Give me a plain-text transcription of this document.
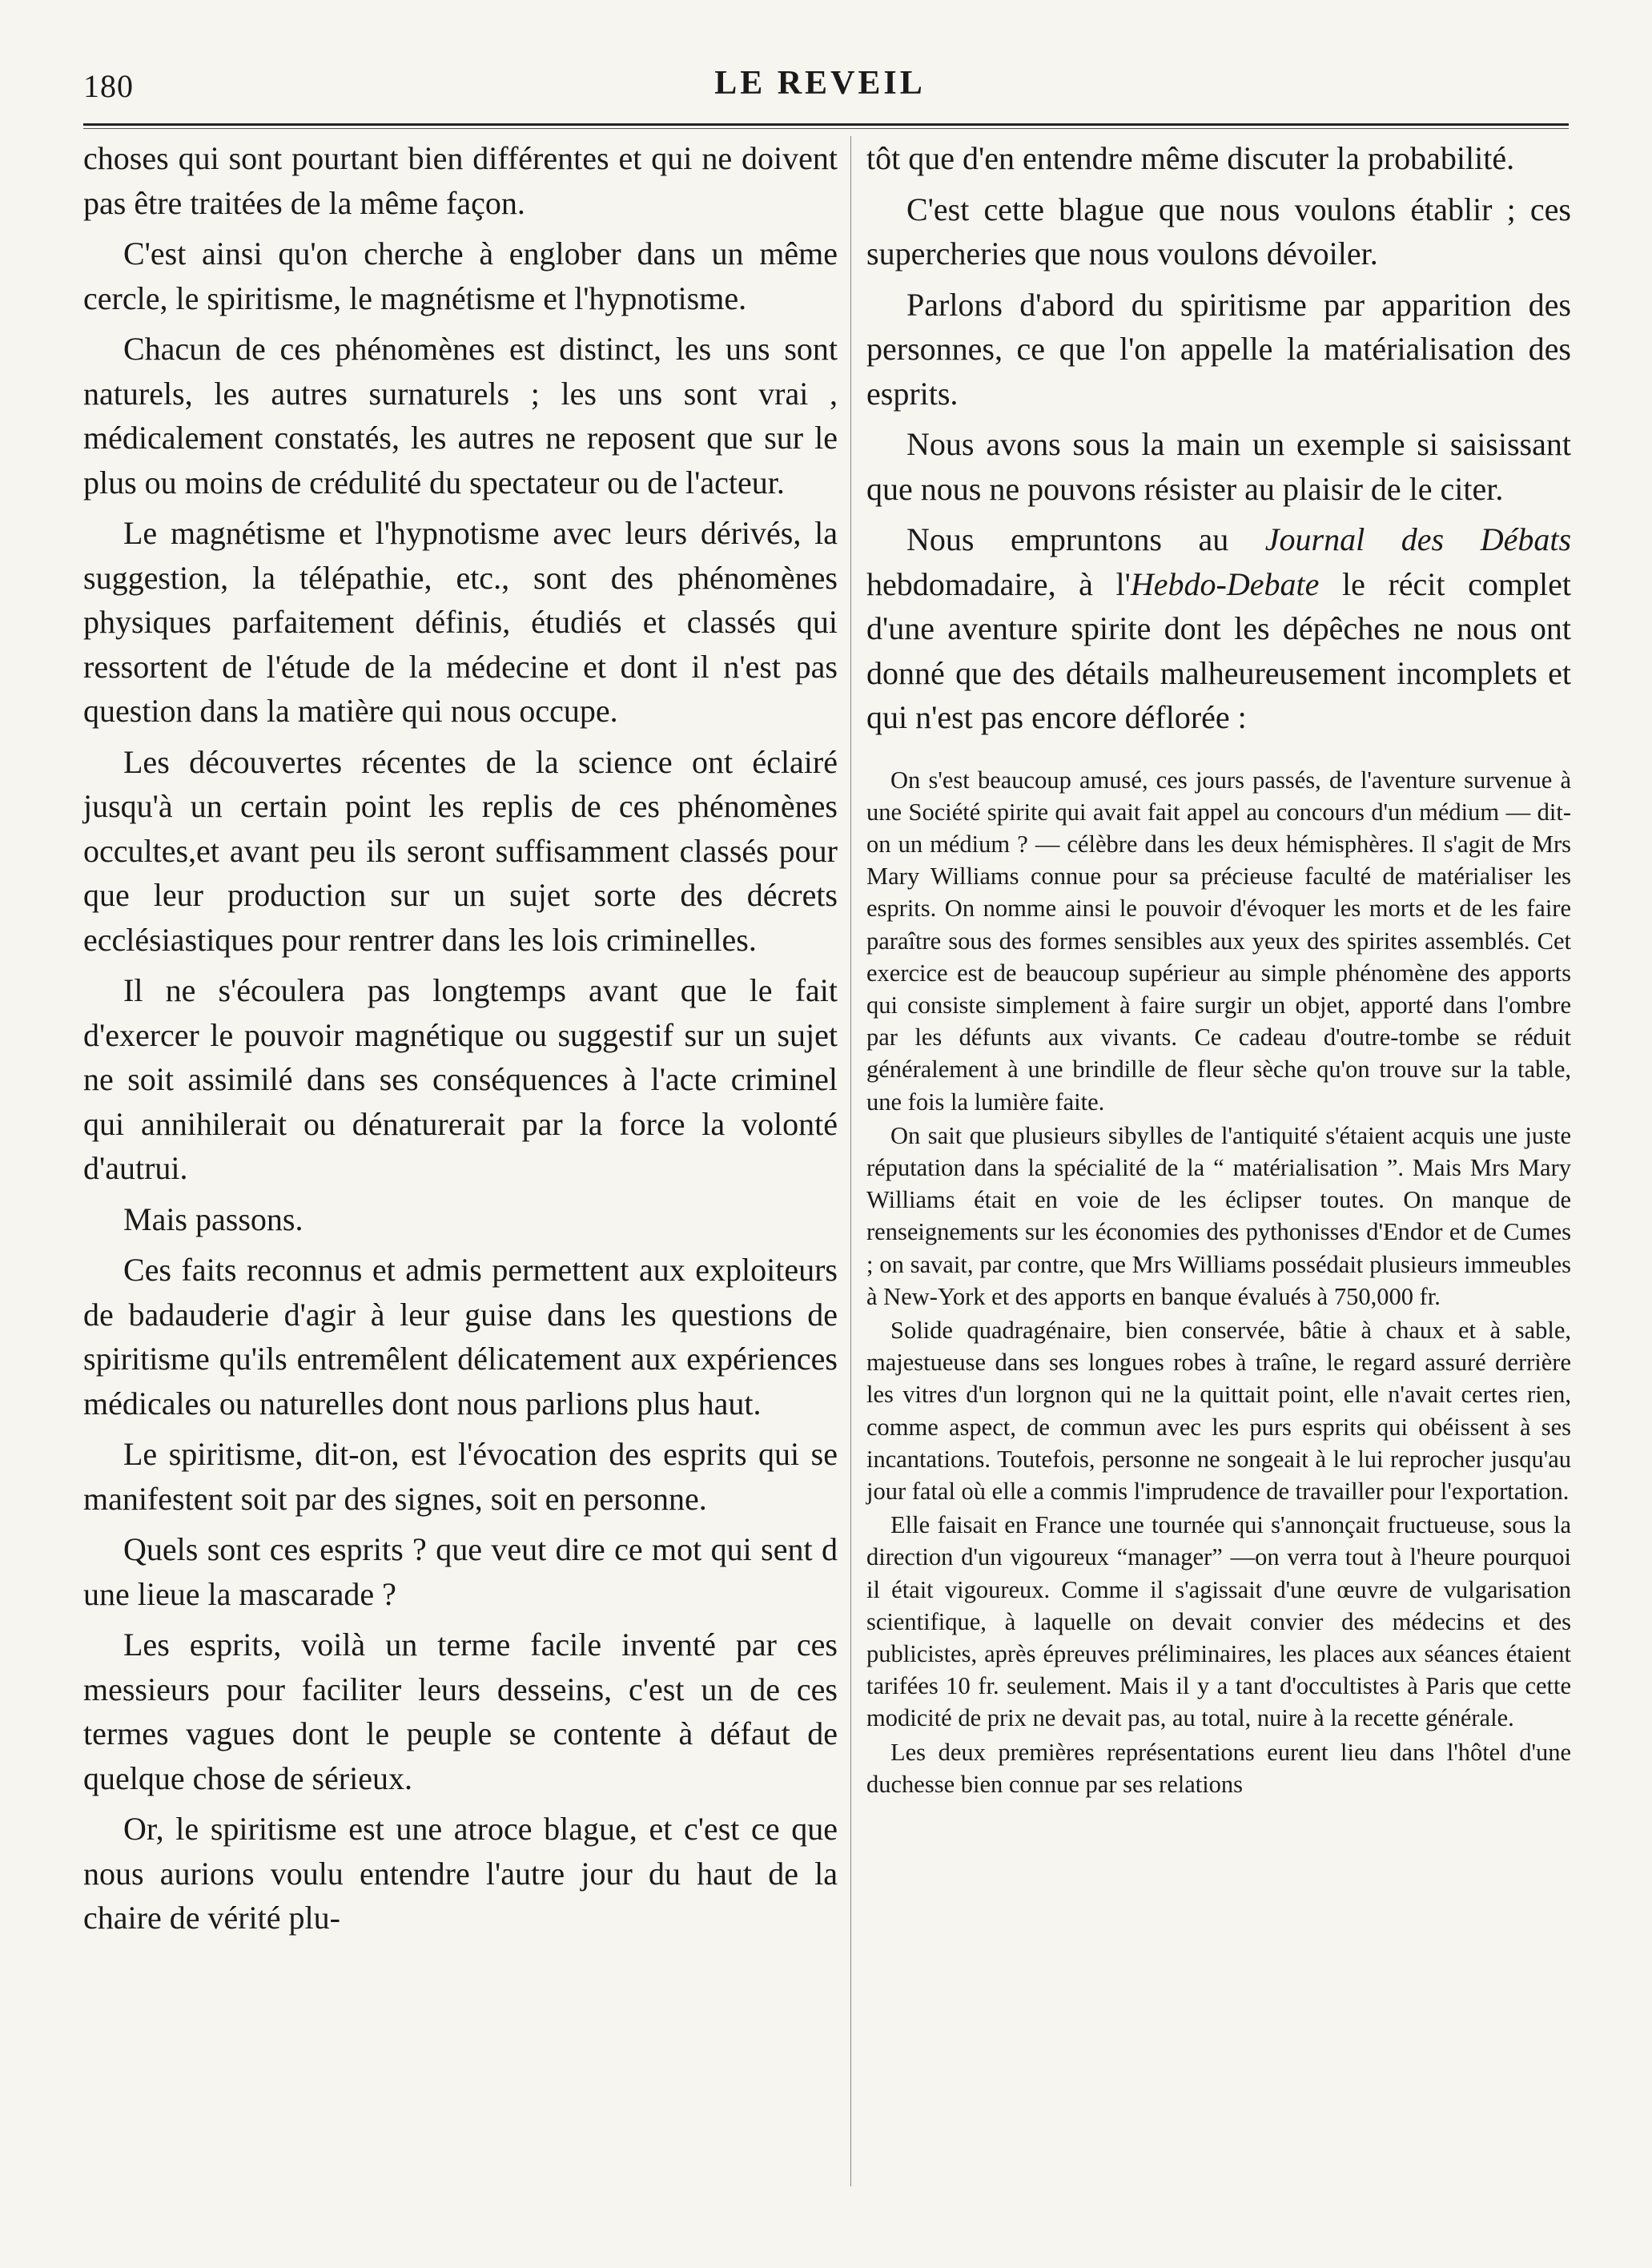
180	LE REVEIL

choses qui sont pourtant bien différentes et qui ne doivent pas être traitées de la même façon.

C'est ainsi qu'on cherche à englober dans un même cercle, le spiritisme, le magnétisme et l'hypnotisme.

Chacun de ces phénomènes est distinct, les uns sont naturels, les autres surnaturels ; les uns sont vrai , médicalement constatés, les autres ne reposent que sur le plus ou moins de crédulité du spectateur ou de l'acteur.

Le magnétisme et l'hypnotisme avec leurs dérivés, la suggestion, la télépathie, etc., sont des phénomènes physiques parfaitement définis, étudiés et classés qui ressortent de l'étude de la médecine et dont il n'est pas question dans la matière qui nous occupe.

Les découvertes récentes de la science ont éclairé jusqu'à un certain point les replis de ces phénomènes occultes,et avant peu ils seront suffisamment classés pour que leur production sur un sujet sorte des décrets ecclésiastiques pour rentrer dans les lois criminelles.

Il ne s'écoulera pas longtemps avant que le fait d'exercer le pouvoir magnétique ou suggestif sur un sujet ne soit assimilé dans ses conséquences à l'acte criminel qui annihilerait ou dénaturerait par la force la volonté d'autrui.

Mais passons.

Ces faits reconnus et admis permettent aux exploiteurs de badauderie d'agir à leur guise dans les questions de spiritisme qu'ils entremêlent délicatement aux expériences médicales ou naturelles dont nous parlions plus haut.

Le spiritisme, dit-on, est l'évocation des esprits qui se manifestent soit par des signes, soit en personne.

Quels sont ces esprits ? que veut dire ce mot qui sent d une lieue la mascarade ?

Les esprits, voilà un terme facile inventé par ces messieurs pour faciliter leurs desseins, c'est un de ces termes vagues dont le peuple se contente à défaut de quelque chose de sérieux.

Or, le spiritisme est une atroce blague, et c'est ce que nous aurions voulu entendre l'autre jour du haut de la chaire de vérité plu-

tôt que d'en entendre même discuter la probabilité.

C'est cette blague que nous voulons établir ; ces supercheries que nous voulons dévoiler.

Parlons d'abord du spiritisme par apparition des personnes, ce que l'on appelle la matérialisation des esprits.

Nous avons sous la main un exemple si saisissant que nous ne pouvons résister au plaisir de le citer.

Nous empruntons au Journal des Débats hebdomadaire, à l'Hebdo-Debate le récit complet d'une aventure spirite dont les dépêches ne nous ont donné que des détails malheureusement incomplets et qui n'est pas encore déflorée :

On s'est beaucoup amusé, ces jours passés, de l'aventure survenue à une Société spirite qui avait fait appel au concours d'un médium — dit-on un médium ? — célèbre dans les deux hémisphères. Il s'agit de Mrs Mary Williams connue pour sa précieuse faculté de matérialiser les esprits. On nomme ainsi le pouvoir d'évoquer les morts et de les faire paraître sous des formes sensibles aux yeux des spirites assemblés. Cet exercice est de beaucoup supérieur au simple phénomène des apports qui consiste simplement à faire surgir un objet, apporté dans l'ombre par les défunts aux vivants. Ce cadeau d'outre-tombe se réduit généralement à une brindille de fleur sèche qu'on trouve sur la table, une fois la lumière faite.

On sait que plusieurs sibylles de l'antiquité s'étaient acquis une juste réputation dans la spécialité de la “ matérialisation ”. Mais Mrs Mary Williams était en voie de les éclipser toutes. On manque de renseignements sur les économies des pythonisses d'Endor et de Cumes ; on savait, par contre, que Mrs Williams possédait plusieurs immeubles à New-York et des apports en banque évalués à 750,000 fr.

Solide quadragénaire, bien conservée, bâtie à chaux et à sable, majestueuse dans ses longues robes à traîne, le regard assuré derrière les vitres d'un lorgnon qui ne la quittait point, elle n'avait certes rien, comme aspect, de commun avec les purs esprits qui obéissent à ses incantations. Toutefois, personne ne songeait à le lui reprocher jusqu'au jour fatal où elle a commis l'imprudence de travailler pour l'exportation.

Elle faisait en France une tournée qui s'annonçait fructueuse, sous la direction d'un vigoureux “manager” —on verra tout à l'heure pourquoi il était vigoureux. Comme il s'agissait d'une œuvre de vulgarisation scientifique, à laquelle on devait convier des médecins et des publicistes, après épreuves préliminaires, les places aux séances étaient tarifées 10 fr. seulement. Mais il y a tant d'occultistes à Paris que cette modicité de prix ne devait pas, au total, nuire à la recette générale.

Les deux premières représentations eurent lieu dans l'hôtel d'une duchesse bien connue par ses relations
